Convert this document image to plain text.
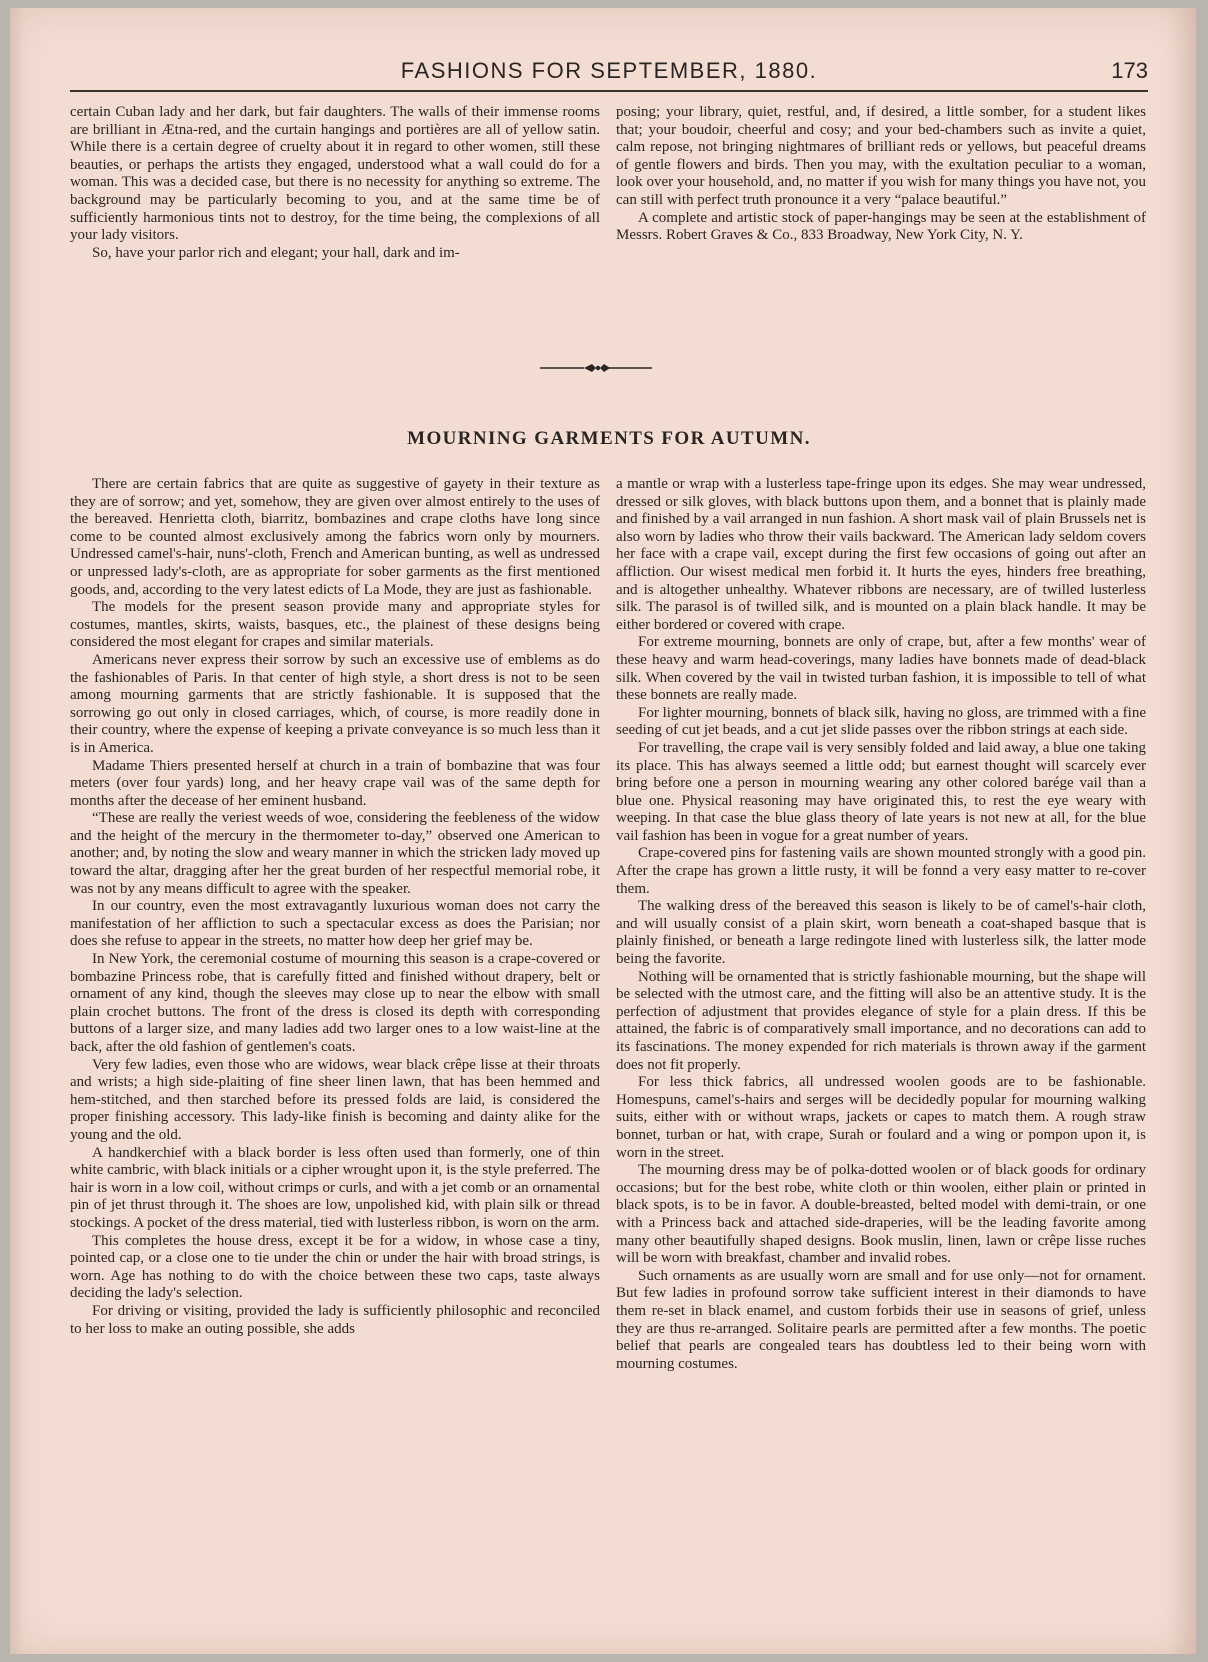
FASHIONS FOR SEPTEMBER, 1880.	173

certain Cuban lady and her dark, but fair daughters. The walls of their immense rooms are brilliant in Ætna-red, and the curtain hangings and portières are all of yellow satin. While there is a certain degree of cruelty about it in regard to other women, still these beauties, or perhaps the artists they engaged, understood what a wall could do for a woman. This was a decided case, but there is no necessity for anything so extreme. The background may be particularly becoming to you, and at the same time be of sufficiently harmonious tints not to destroy, for the time being, the complexions of all your lady visitors.

So, have your parlor rich and elegant; your hall, dark and im-

posing; your library, quiet, restful, and, if desired, a little somber, for a student likes that; your boudoir, cheerful and cosy; and your bed-chambers such as invite a quiet, calm repose, not bringing nightmares of brilliant reds or yellows, but peaceful dreams of gentle flowers and birds. Then you may, with the exultation peculiar to a woman, look over your household, and, no matter if you wish for many things you have not, you can still with perfect truth pronounce it a very “palace beautiful.”

A complete and artistic stock of paper-hangings may be seen at the establishment of Messrs. Robert Graves & Co., 833 Broadway, New York City, N. Y.

MOURNING GARMENTS FOR AUTUMN.

There are certain fabrics that are quite as suggestive of gayety in their texture as they are of sorrow; and yet, somehow, they are given over almost entirely to the uses of the bereaved. Henrietta cloth, biarritz, bombazines and crape cloths have long since come to be counted almost exclusively among the fabrics worn only by mourners. Undressed camel's-hair, nuns'-cloth, French and American bunting, as well as undressed or unpressed lady's-cloth, are as appropriate for sober garments as the first mentioned goods, and, according to the very latest edicts of La Mode, they are just as fashionable.

The models for the present season provide many and appropriate styles for costumes, mantles, skirts, waists, basques, etc., the plainest of these designs being considered the most elegant for crapes and similar materials.

Americans never express their sorrow by such an excessive use of emblems as do the fashionables of Paris. In that center of high style, a short dress is not to be seen among mourning garments that are strictly fashionable. It is supposed that the sorrowing go out only in closed carriages, which, of course, is more readily done in their country, where the expense of keeping a private conveyance is so much less than it is in America.

Madame Thiers presented herself at church in a train of bombazine that was four meters (over four yards) long, and her heavy crape vail was of the same depth for months after the decease of her eminent husband.

“These are really the veriest weeds of woe, considering the feebleness of the widow and the height of the mercury in the thermometer to-day,” observed one American to another; and, by noting the slow and weary manner in which the stricken lady moved up toward the altar, dragging after her the great burden of her respectful memorial robe, it was not by any means difficult to agree with the speaker.

In our country, even the most extravagantly luxurious woman does not carry the manifestation of her affliction to such a spectacular excess as does the Parisian; nor does she refuse to appear in the streets, no matter how deep her grief may be.

In New York, the ceremonial costume of mourning this season is a crape-covered or bombazine Princess robe, that is carefully fitted and finished without drapery, belt or ornament of any kind, though the sleeves may close up to near the elbow with small plain crochet buttons. The front of the dress is closed its depth with corresponding buttons of a larger size, and many ladies add two larger ones to a low waist-line at the back, after the old fashion of gentlemen's coats.

Very few ladies, even those who are widows, wear black crêpe lisse at their throats and wrists; a high side-plaiting of fine sheer linen lawn, that has been hemmed and hem-stitched, and then starched before its pressed folds are laid, is considered the proper finishing accessory. This lady-like finish is becoming and dainty alike for the young and the old.

A handkerchief with a black border is less often used than formerly, one of thin white cambric, with black initials or a cipher wrought upon it, is the style preferred. The hair is worn in a low coil, without crimps or curls, and with a jet comb or an ornamental pin of jet thrust through it. The shoes are low, unpolished kid, with plain silk or thread stockings. A pocket of the dress material, tied with lusterless ribbon, is worn on the arm.

This completes the house dress, except it be for a widow, in whose case a tiny, pointed cap, or a close one to tie under the chin or under the hair with broad strings, is worn. Age has nothing to do with the choice between these two caps, taste always deciding the lady's selection.

For driving or visiting, provided the lady is sufficiently philosophic and reconciled to her loss to make an outing possible, she adds

a mantle or wrap with a lusterless tape-fringe upon its edges. She may wear undressed, dressed or silk gloves, with black buttons upon them, and a bonnet that is plainly made and finished by a vail arranged in nun fashion. A short mask vail of plain Brussels net is also worn by ladies who throw their vails backward. The American lady seldom covers her face with a crape vail, except during the first few occasions of going out after an affliction. Our wisest medical men forbid it. It hurts the eyes, hinders free breathing, and is altogether unhealthy. Whatever ribbons are necessary, are of twilled lusterless silk. The parasol is of twilled silk, and is mounted on a plain black handle. It may be either bordered or covered with crape.

For extreme mourning, bonnets are only of crape, but, after a few months' wear of these heavy and warm head-coverings, many ladies have bonnets made of dead-black silk. When covered by the vail in twisted turban fashion, it is impossible to tell of what these bonnets are really made.

For lighter mourning, bonnets of black silk, having no gloss, are trimmed with a fine seeding of cut jet beads, and a cut jet slide passes over the ribbon strings at each side.

For travelling, the crape vail is very sensibly folded and laid away, a blue one taking its place. This has always seemed a little odd; but earnest thought will scarcely ever bring before one a person in mourning wearing any other colored barége vail than a blue one. Physical reasoning may have originated this, to rest the eye weary with weeping. In that case the blue glass theory of late years is not new at all, for the blue vail fashion has been in vogue for a great number of years.

Crape-covered pins for fastening vails are shown mounted strongly with a good pin. After the crape has grown a little rusty, it will be fonnd a very easy matter to re-cover them.

The walking dress of the bereaved this season is likely to be of camel's-hair cloth, and will usually consist of a plain skirt, worn beneath a coat-shaped basque that is plainly finished, or beneath a large redingote lined with lusterless silk, the latter mode being the favorite.

Nothing will be ornamented that is strictly fashionable mourning, but the shape will be selected with the utmost care, and the fitting will also be an attentive study. It is the perfection of adjustment that provides elegance of style for a plain dress. If this be attained, the fabric is of comparatively small importance, and no decorations can add to its fascinations. The money expended for rich materials is thrown away if the garment does not fit properly.

For less thick fabrics, all undressed woolen goods are to be fashionable. Homespuns, camel's-hairs and serges will be decidedly popular for mourning walking suits, either with or without wraps, jackets or capes to match them. A rough straw bonnet, turban or hat, with crape, Surah or foulard and a wing or pompon upon it, is worn in the street.

The mourning dress may be of polka-dotted woolen or of black goods for ordinary occasions; but for the best robe, white cloth or thin woolen, either plain or printed in black spots, is to be in favor. A double-breasted, belted model with demi-train, or one with a Princess back and attached side-draperies, will be the leading favorite among many other beautifully shaped designs. Book muslin, linen, lawn or crêpe lisse ruches will be worn with breakfast, chamber and invalid robes.

Such ornaments as are usually worn are small and for use only—not for ornament. But few ladies in profound sorrow take sufficient interest in their diamonds to have them re-set in black enamel, and custom forbids their use in seasons of grief, unless they are thus re-arranged. Solitaire pearls are permitted after a few months. The poetic belief that pearls are congealed tears has doubtless led to their being worn with mourning costumes.
